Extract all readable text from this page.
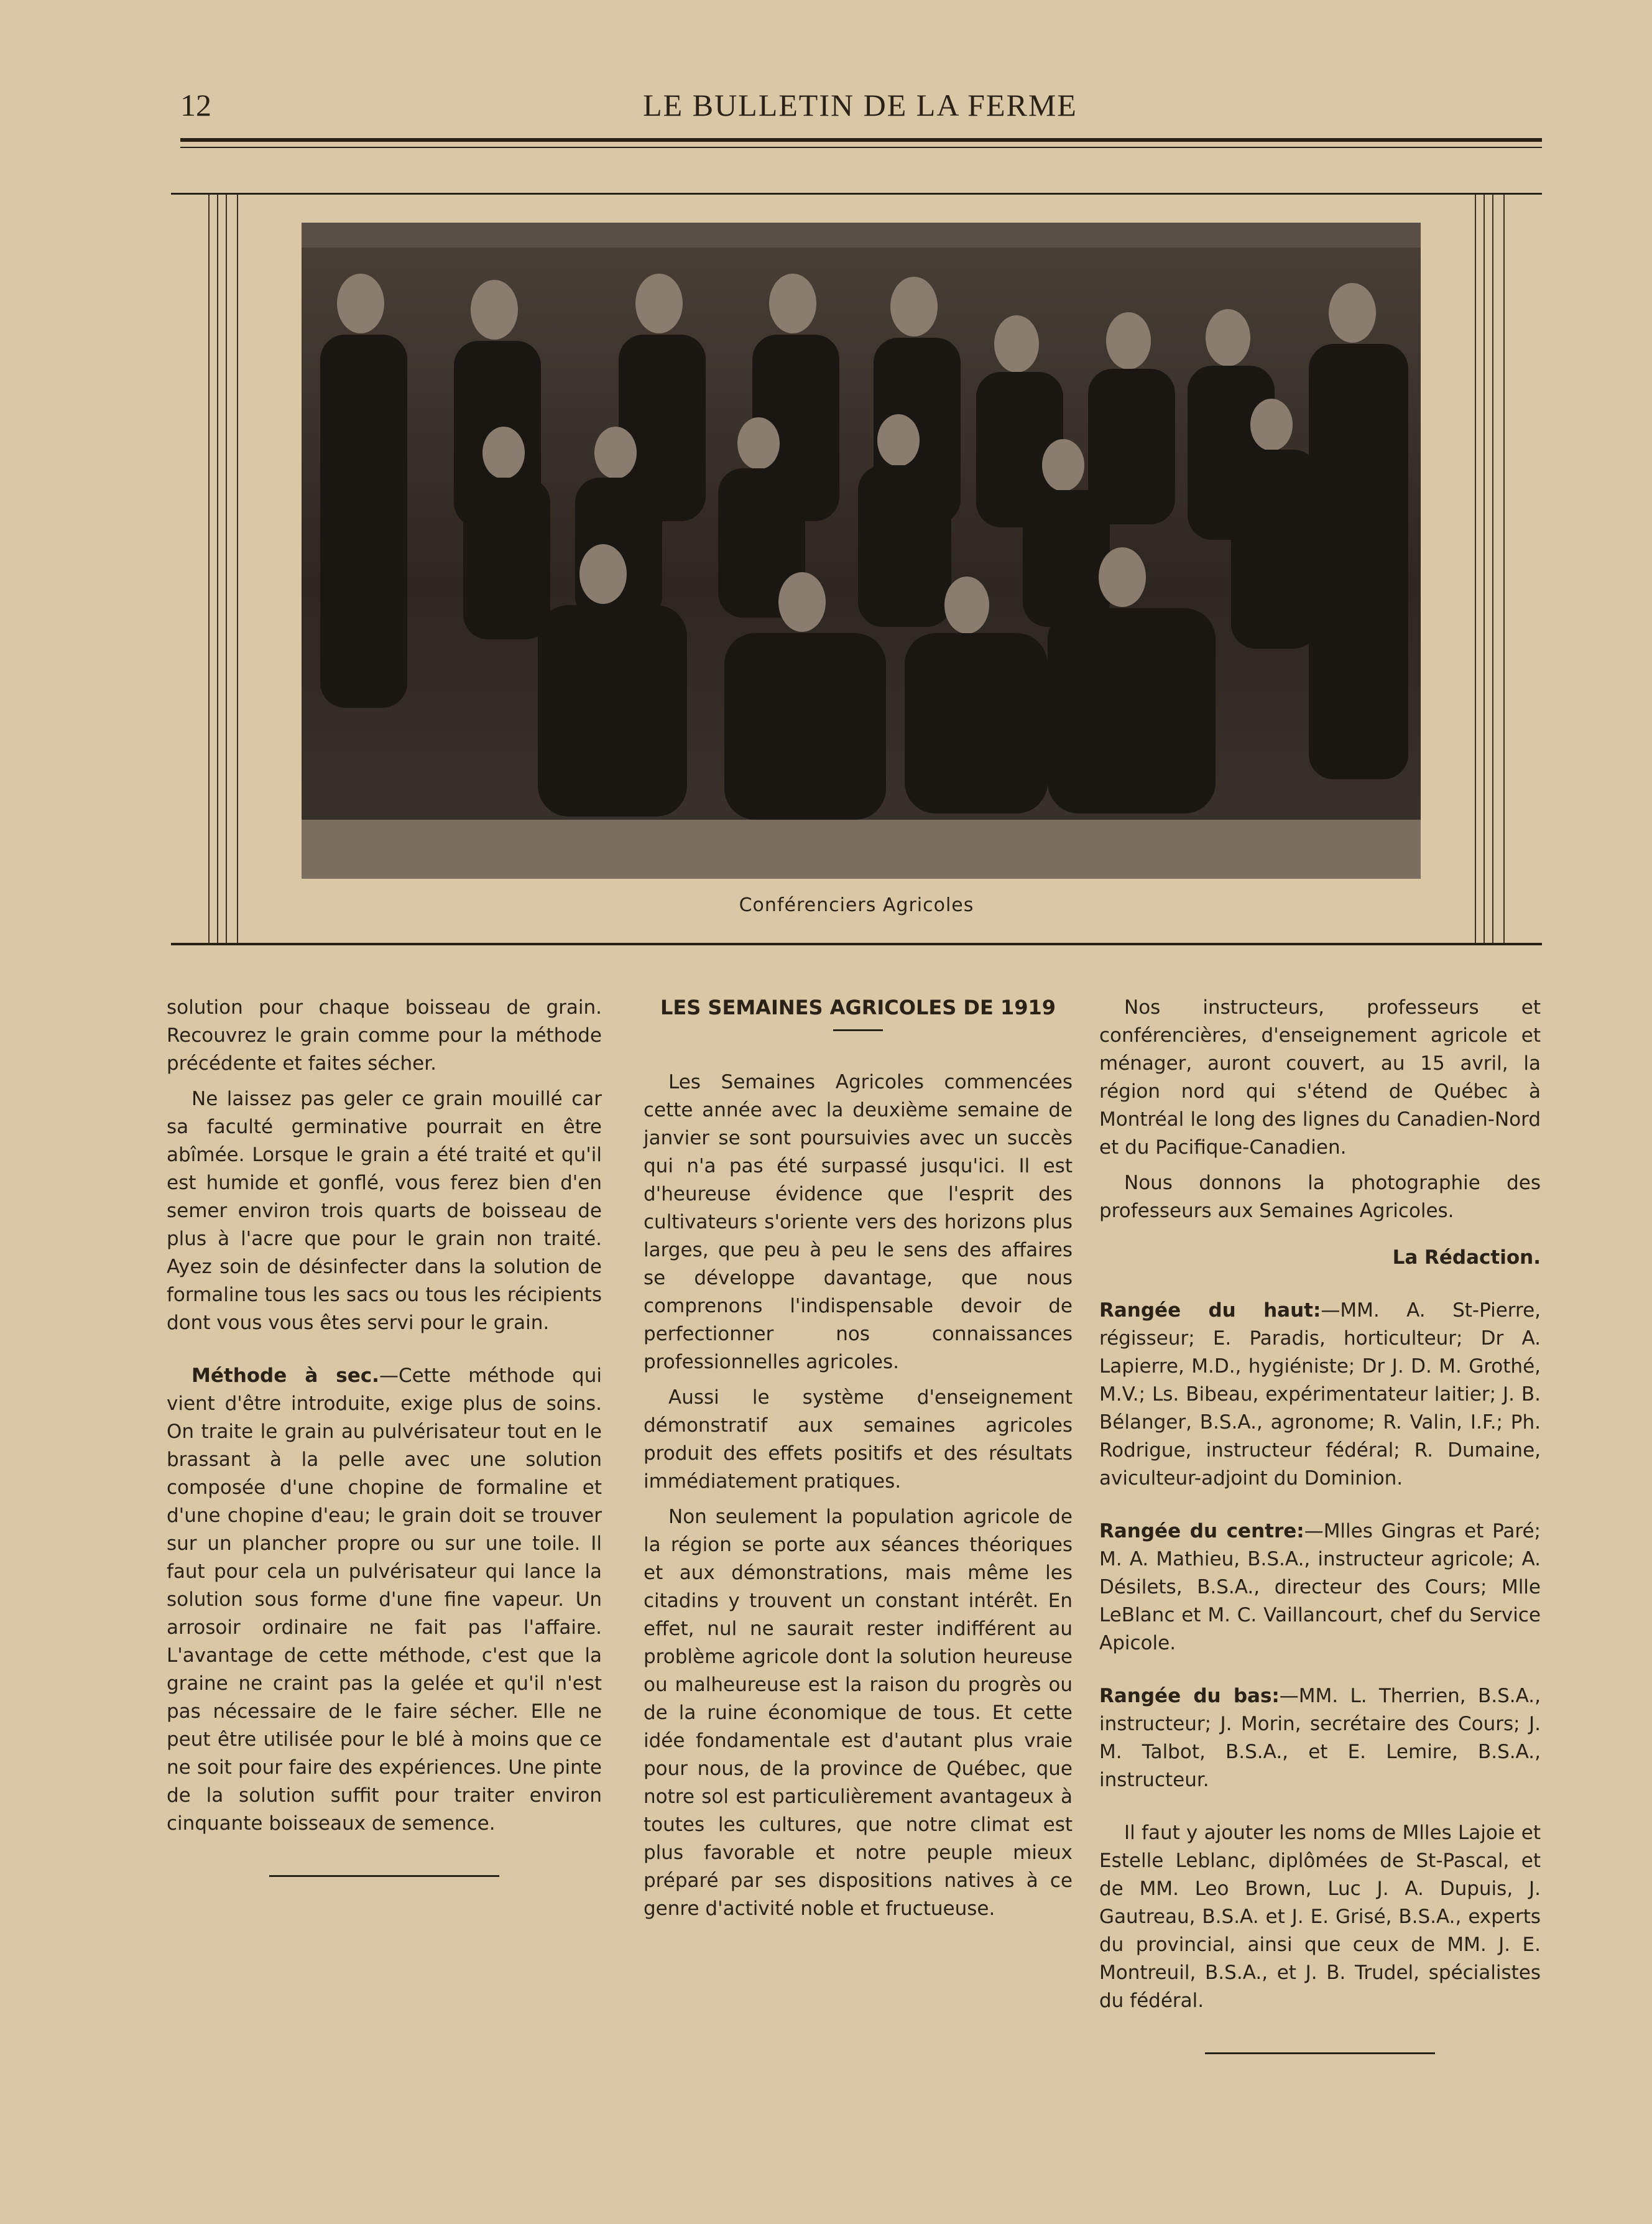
12	LE BULLETIN DE LA FERME
Conférenciers Agricoles

solution pour chaque boisseau de grain. Recouvrez le grain comme pour la méthode précédente et faites sécher.

Ne laissez pas geler ce grain mouillé car sa faculté germinative pourrait en être abîmée. Lorsque le grain a été traité et qu'il est humide et gonflé, vous ferez bien d'en semer environ trois quarts de boisseau de plus à l'acre que pour le grain non traité. Ayez soin de désinfecter dans la solution de formaline tous les sacs ou tous les récipients dont vous vous êtes servi pour le grain.

Méthode à sec.—Cette méthode qui vient d'être introduite, exige plus de soins. On traite le grain au pulvérisateur tout en le brassant à la pelle avec une solution composée d'une chopine de formaline et d'une chopine d'eau; le grain doit se trouver sur un plancher propre ou sur une toile. Il faut pour cela un pulvérisateur qui lance la solution sous forme d'une fine vapeur. Un arrosoir ordinaire ne fait pas l'affaire. L'avantage de cette méthode, c'est que la graine ne craint pas la gelée et qu'il n'est pas nécessaire de le faire sécher. Elle ne peut être utilisée pour le blé à moins que ce ne soit pour faire des expériences. Une pinte de la solution suffit pour traiter environ cinquante boisseaux de semence.

LES SEMAINES AGRICOLES DE 1919

Les Semaines Agricoles commencées cette année avec la deuxième semaine de janvier se sont poursuivies avec un succès qui n'a pas été surpassé jusqu'ici. Il est d'heureuse évidence que l'esprit des cultivateurs s'oriente vers des horizons plus larges, que peu à peu le sens des affaires se développe davantage, que nous comprenons l'indispensable devoir de perfectionner nos connaissances professionnelles agricoles.

Aussi le système d'enseignement démonstratif aux semaines agricoles produit des effets positifs et des résultats immédiatement pratiques.

Non seulement la population agricole de la région se porte aux séances théoriques et aux démonstrations, mais même les citadins y trouvent un constant intérêt. En effet, nul ne saurait rester indifférent au problème agricole dont la solution heureuse ou malheureuse est la raison du progrès ou de la ruine économique de tous. Et cette idée fondamentale est d'autant plus vraie pour nous, de la province de Québec, que notre sol est particulièrement avantageux à toutes les cultures, que notre climat est plus favorable et notre peuple mieux préparé par ses dispositions natives à ce genre d'activité noble et fructueuse.

Nos instructeurs, professeurs et conférencières, d'enseignement agricole et ménager, auront couvert, au 15 avril, la région nord qui s'étend de Québec à Montréal le long des lignes du Canadien-Nord et du Pacifique-Canadien.

Nous donnons la photographie des professeurs aux Semaines Agricoles.

La Rédaction.

Rangée du haut:—MM. A. St-Pierre, régisseur; E. Paradis, horticulteur; Dr A. Lapierre, M.D., hygiéniste; Dr J. D. M. Grothé, M.V.; Ls. Bibeau, expérimentateur laitier; J. B. Bélanger, B.S.A., agronome; R. Valin, I.F.; Ph. Rodrigue, instructeur fédéral; R. Dumaine, aviculteur-adjoint du Dominion.

Rangée du centre:—Mlles Gingras et Paré; M. A. Mathieu, B.S.A., instructeur agricole; A. Désilets, B.S.A., directeur des Cours; Mlle LeBlanc et M. C. Vaillancourt, chef du Service Apicole.

Rangée du bas:—MM. L. Therrien, B.S.A., instructeur; J. Morin, secrétaire des Cours; J. M. Talbot, B.S.A., et E. Lemire, B.S.A., instructeur.

Il faut y ajouter les noms de Mlles Lajoie et Estelle Leblanc, diplômées de St-Pascal, et de MM. Leo Brown, Luc J. A. Dupuis, J. Gautreau, B.S.A. et J. E. Grisé, B.S.A., experts du provincial, ainsi que ceux de MM. J. E. Montreuil, B.S.A., et J. B. Trudel, spécialistes du fédéral.
